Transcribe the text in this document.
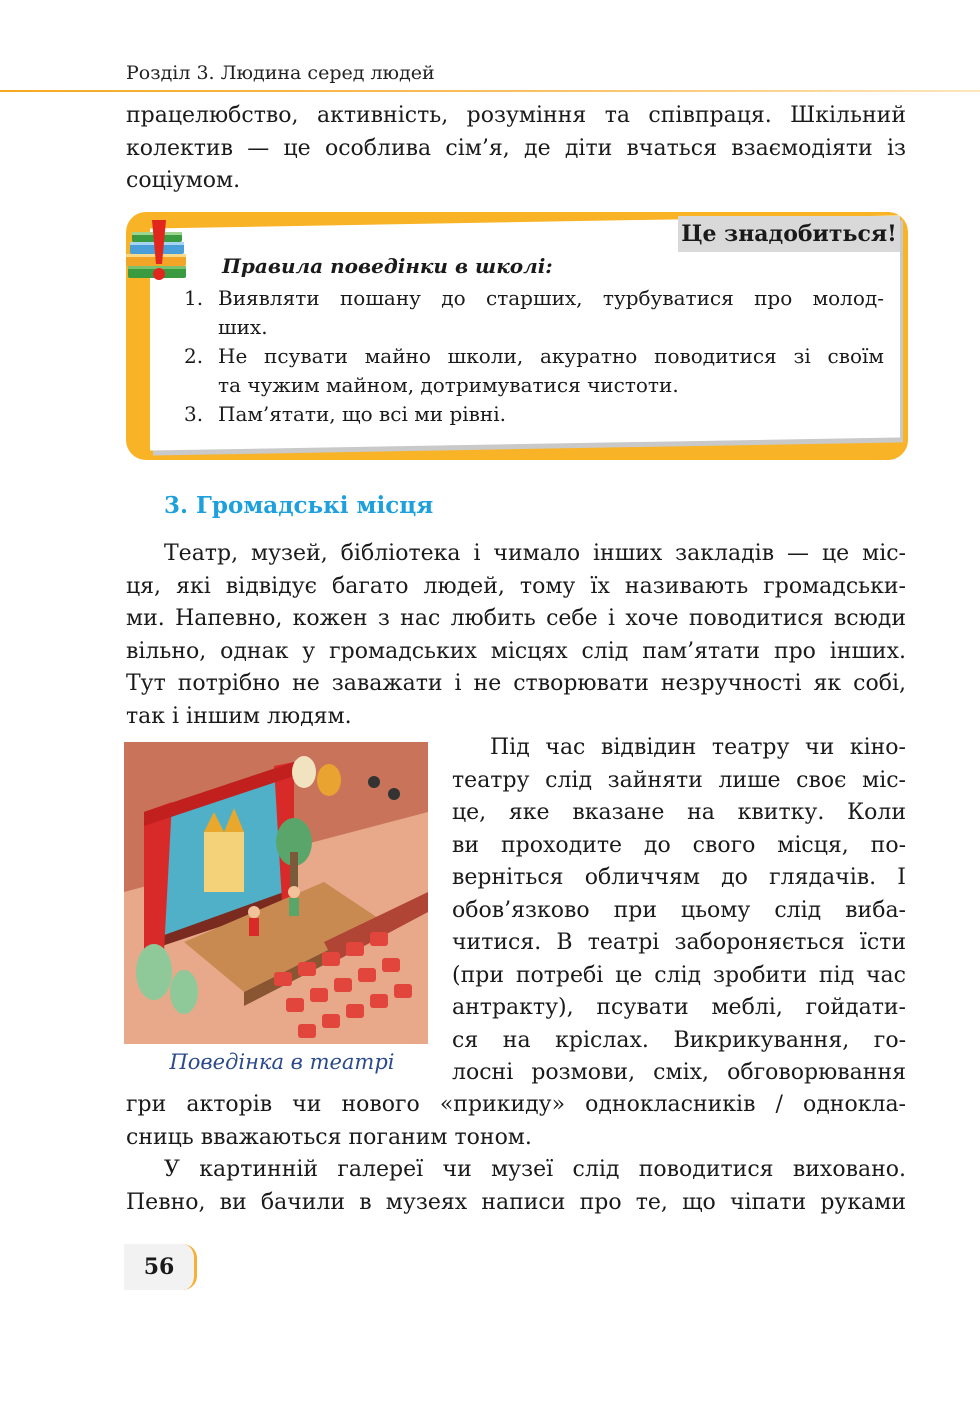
Розділ 3. Людина серед людей
працелюбство, активність, розуміння та співпраця. Шкільний
колектив — це особлива сім’я, де діти вчаться взаємодіяти із
соціумом.
Це знадобиться!
Правила поведінки в школі:

1. Виявляти пошану до старших, турбуватися про молод-
ших.

2. Не псувати майно школи, акуратно поводитися зі своїм
та чужим майном, дотримуватися чистоти.

3. Пам’ятати, що всі ми рівні.

3. Громадські місця
Театр, музей, бібліотека і чимало інших закладів — це міс-
ця, які відвідує багато людей, тому їх називають громадськи-
ми. Напевно, кожен з нас любить себе і хоче поводитися всюди
вільно, однак у громадських місцях слід пам’ятати про інших.
Тут потрібно не заважати і не створювати незручності як собі,
так і іншим людям.
Поведінка в театрі
Під час відвідин театру чи кіно-
театру слід зайняти лише своє міс-
це, яке вказане на квитку. Коли
ви проходите до свого місця, по-
верніться обличчям до глядачів. І
обов’язково при цьому слід виба-
читися. В театрі забороняється їсти
(при потребі це слід зробити під час
антракту), псувати меблі, гойдати-
ся на кріслах. Викрикування, го-
лосні розмови, сміх, обговорювання
гри акторів чи нового «прикиду» однокласників / однокла-
сниць вважаються поганим тоном.
У картинній галереї чи музеї слід поводитися виховано.
Певно, ви бачили в музеях написи про те, що чіпати руками
56
